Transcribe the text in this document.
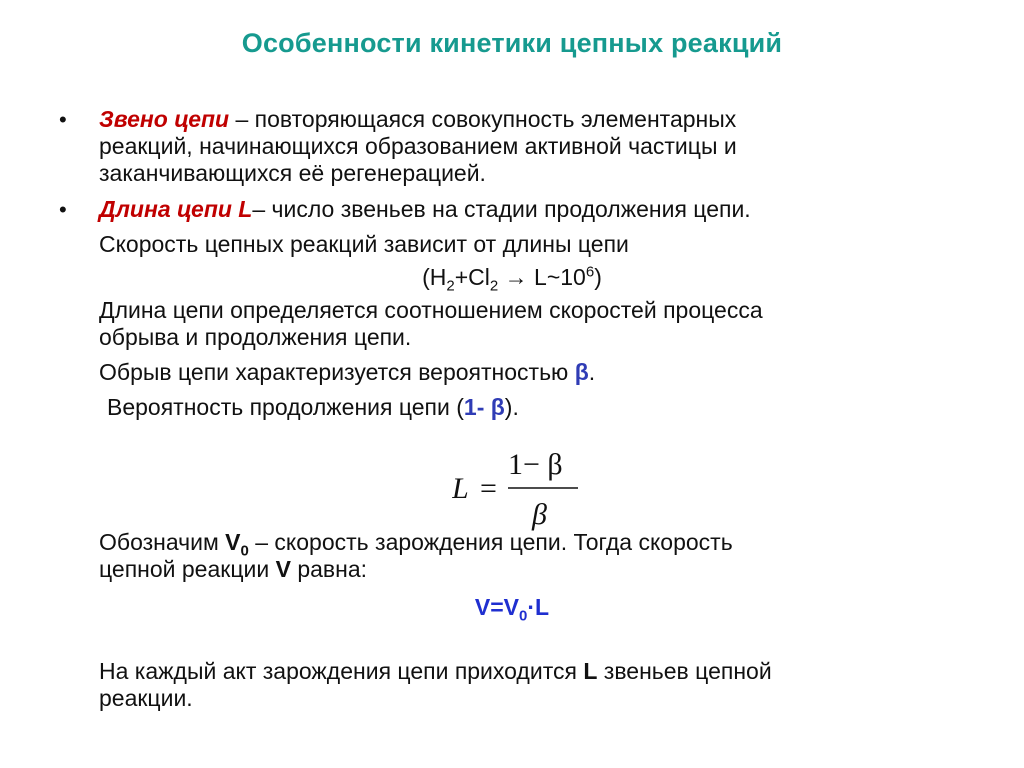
Особенности кинетики цепных реакций
• Звено цепи – повторяющаяся совокупность элементарных
реакций, начинающихся образованием активной частицы и
заканчивающихся её регенерацией.
• Длина цепи L– число звеньев на стадии продолжения цепи.
Скорость цепных реакций зависит от длины цепи
($H_2+Cl_2$ → $L\sim 10^6$)
Длина цепи определяется соотношением скоростей процесса
обрыва и продолжения цепи.
Обрыв цепи характеризуется вероятностью β.
Вероятность продолжения цепи (1- β).
L =
1− β
β
Обозначим $V_0$ – скорость зарождения цепи. Тогда скорость
цепной реакции V равна:
$V=V_0\cdot L$
На каждый акт зарождения цепи приходится L звеньев цепной
реакции.
